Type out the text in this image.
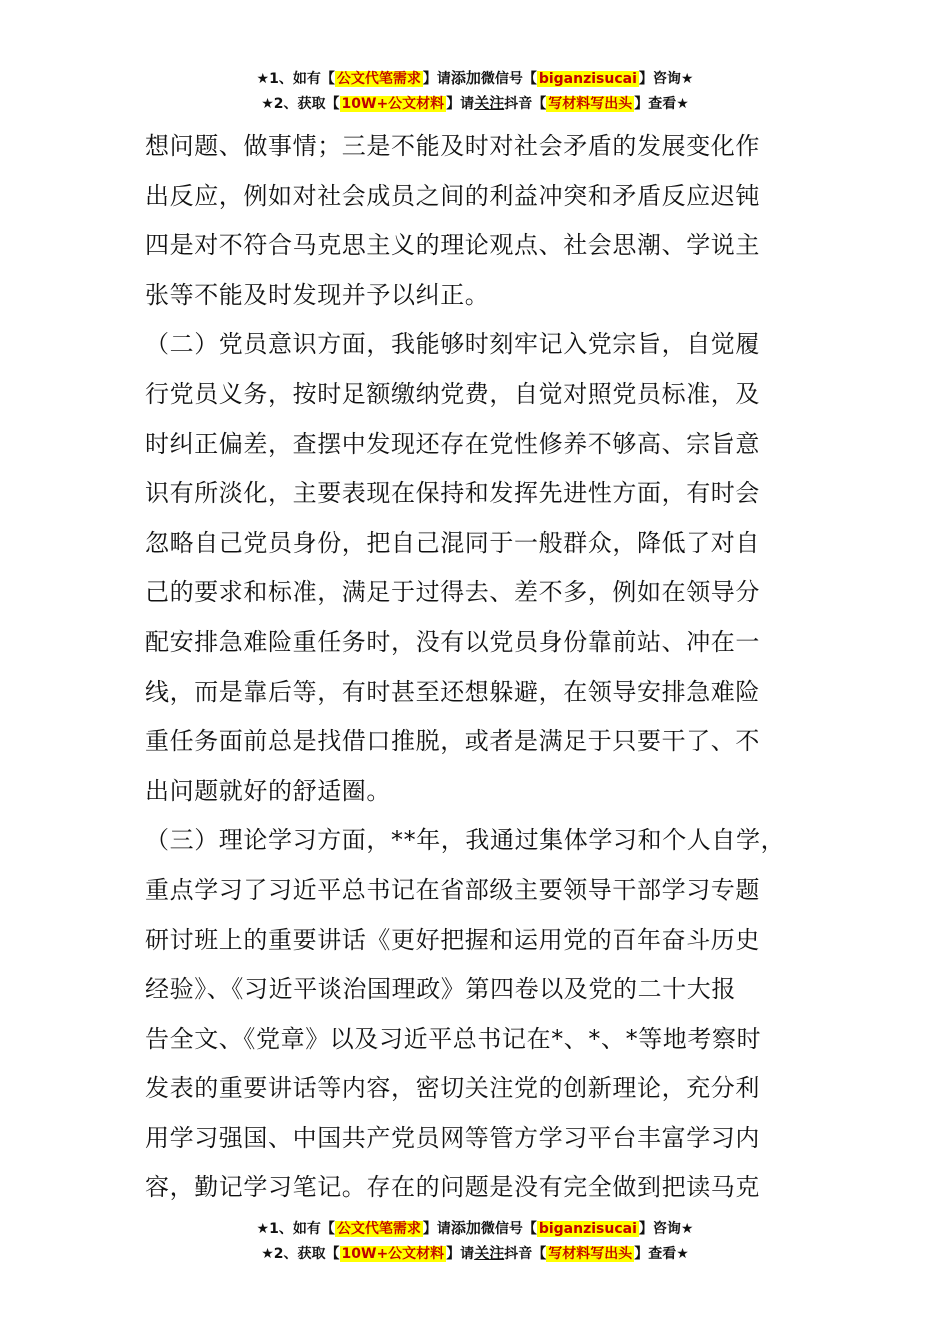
★1、如有【 公文代笔需求 】请添加微信号【 biganzisucai 】咨询★
★2、获取【 10W+公文材料 】请关注抖音【 写材料写出头 】查看★
想问题、做事情；三是不能及时对社会矛盾的发展变化作
出反应，例如对社会成员之间的利益冲突和矛盾反应迟钝
四是对不符合马克思主义的理论观点、社会思潮、学说主
张等不能及时发现并予以纠正。
（二）党员意识方面，我能够时刻牢记入党宗旨，自觉履
行党员义务，按时足额缴纳党费，自觉对照党员标准，及
时纠正偏差，查摆中发现还存在党性修养不够高、宗旨意
识有所淡化，主要表现在保持和发挥先进性方面，有时会
忽略自己党员身份，把自己混同于一般群众，降低了对自
己的要求和标准，满足于过得去、差不多，例如在领导分
配安排急难险重任务时，没有以党员身份靠前站、冲在一
线，而是靠后等，有时甚至还想躲避，在领导安排急难险
重任务面前总是找借口推脱，或者是满足于只要干了、不
出问题就好的舒适圈。
（三）理论学习方面，**年，我通过集体学习和个人自学，
重点学习了习近平总书记在省部级主要领导干部学习专题
研讨班上的重要讲话《更好把握和运用党的百年奋斗历史
经验》、《习近平谈治国理政》第四卷以及党的二十大报
告全文、《党章》以及习近平总书记在*、*、*等地考察时
发表的重要讲话等内容，密切关注党的创新理论，充分利
用学习强国、中国共产党员网等管方学习平台丰富学习内
容，勤记学习笔记。存在的问题是没有完全做到把读马克
★1、如有【 公文代笔需求 】请添加微信号【 biganzisucai 】咨询★
★2、获取【 10W+公文材料 】请关注抖音【 写材料写出头 】查看★
